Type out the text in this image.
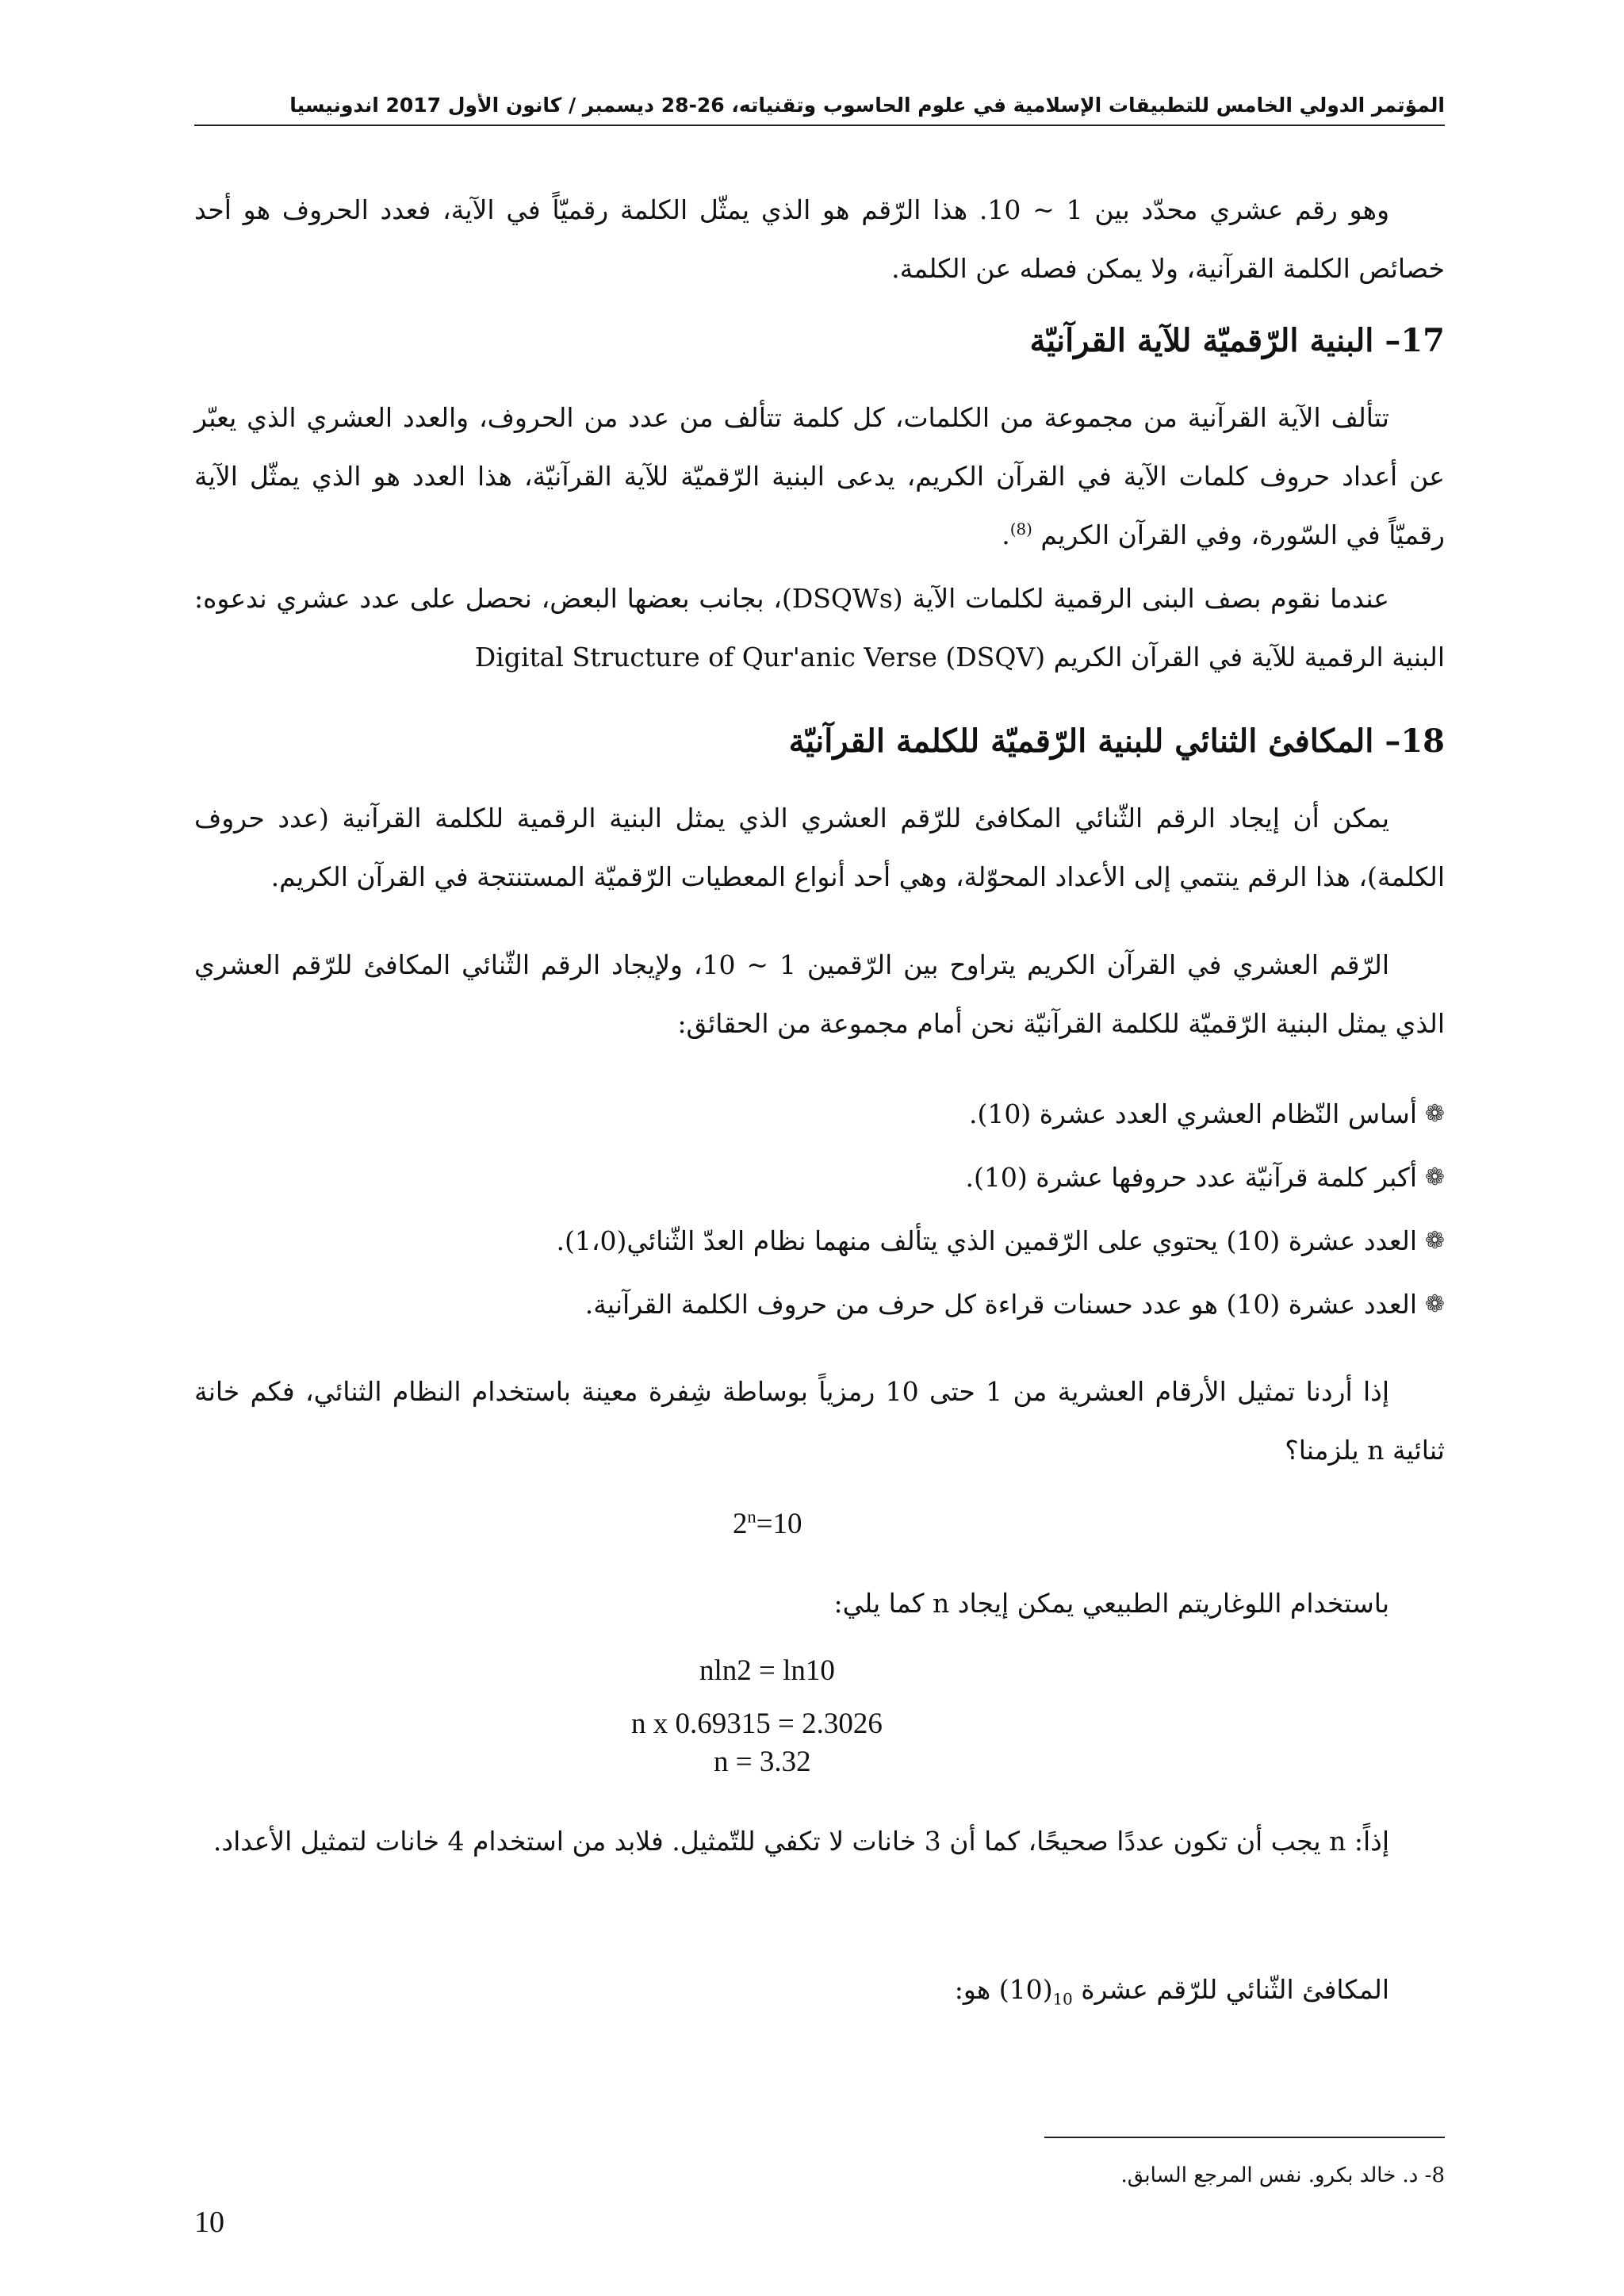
المؤتمر الدولي الخامس للتطبيقات الإسلامية في علوم الحاسوب وتقنياته، 26-28 ديسمبر / كانون الأول 2017 اندونيسيا

وهو رقم عشري محدّد بين 1 ~ 10. هذا الرّقم هو الذي يمثّل الكلمة رقميّاً في الآية، فعدد الحروف هو أحد خصائص الكلمة القرآنية، ولا يمكن فصله عن الكلمة.

17– البنية الرّقميّة للآية القرآنيّة

تتألف الآية القرآنية من مجموعة من الكلمات، كل كلمة تتألف من عدد من الحروف، والعدد العشري الذي يعبّر عن أعداد حروف كلمات الآية في القرآن الكريم، يدعى البنية الرّقميّة للآية القرآنيّة، هذا العدد هو الذي يمثّل الآية رقميّاً في السّورة، وفي القرآن الكريم $^{(8)}$.

عندما نقوم بصف البنى الرقمية لكلمات الآية (DSQWs)، بجانب بعضها البعض، نحصل على عدد عشري ندعوه: البنية الرقمية للآية في القرآن الكريم Digital Structure of Qur'anic Verse (DSQV)

18– المكافئ الثنائي للبنية الرّقميّة للكلمة القرآنيّة

يمكن أن إيجاد الرقم الثّنائي المكافئ للرّقم العشري الذي يمثل البنية الرقمية للكلمة القرآنية (عدد حروف الكلمة)، هذا الرقم ينتمي إلى الأعداد المحوّلة، وهي أحد أنواع المعطيات الرّقميّة المستنتجة في القرآن الكريم.

الرّقم العشري في القرآن الكريم يتراوح بين الرّقمين 1 ~ 10، ولإيجاد الرقم الثّنائي المكافئ للرّقم العشري الذي يمثل البنية الرّقميّة للكلمة القرآنيّة نحن أمام مجموعة من الحقائق:

❁
أساس النّظام العشري العدد عشرة (10).
❁
أكبر كلمة قرآنيّة عدد حروفها عشرة (10).
❁
العدد عشرة (10) يحتوي على الرّقمين الذي يتألف منهما نظام العدّ الثّنائي(1،0).
❁
العدد عشرة (10) هو عدد حسنات قراءة كل حرف من حروف الكلمة القرآنية.

إذا أردنا تمثيل الأرقام العشرية من 1 حتى 10 رمزياً بوساطة شِفرة معينة باستخدام النظام الثنائي، فكم خانة ثنائية n يلزمنا؟

$2^n=10$

باستخدام اللوغاريتم الطبيعي يمكن إيجاد n كما يلي:

nln2 = ln10
n x 0.69315 = 2.3026
n = 3.32

إذاً: n يجب أن تكون عددًا صحيحًا، كما أن 3 خانات لا تكفي للتّمثيل. فلابد من استخدام 4 خانات لتمثيل الأعداد.

المكافئ الثّنائي للرّقم عشرة $_{10}$(10) هو:

8- د. خالد بكرو. نفس المرجع السابق.
10
